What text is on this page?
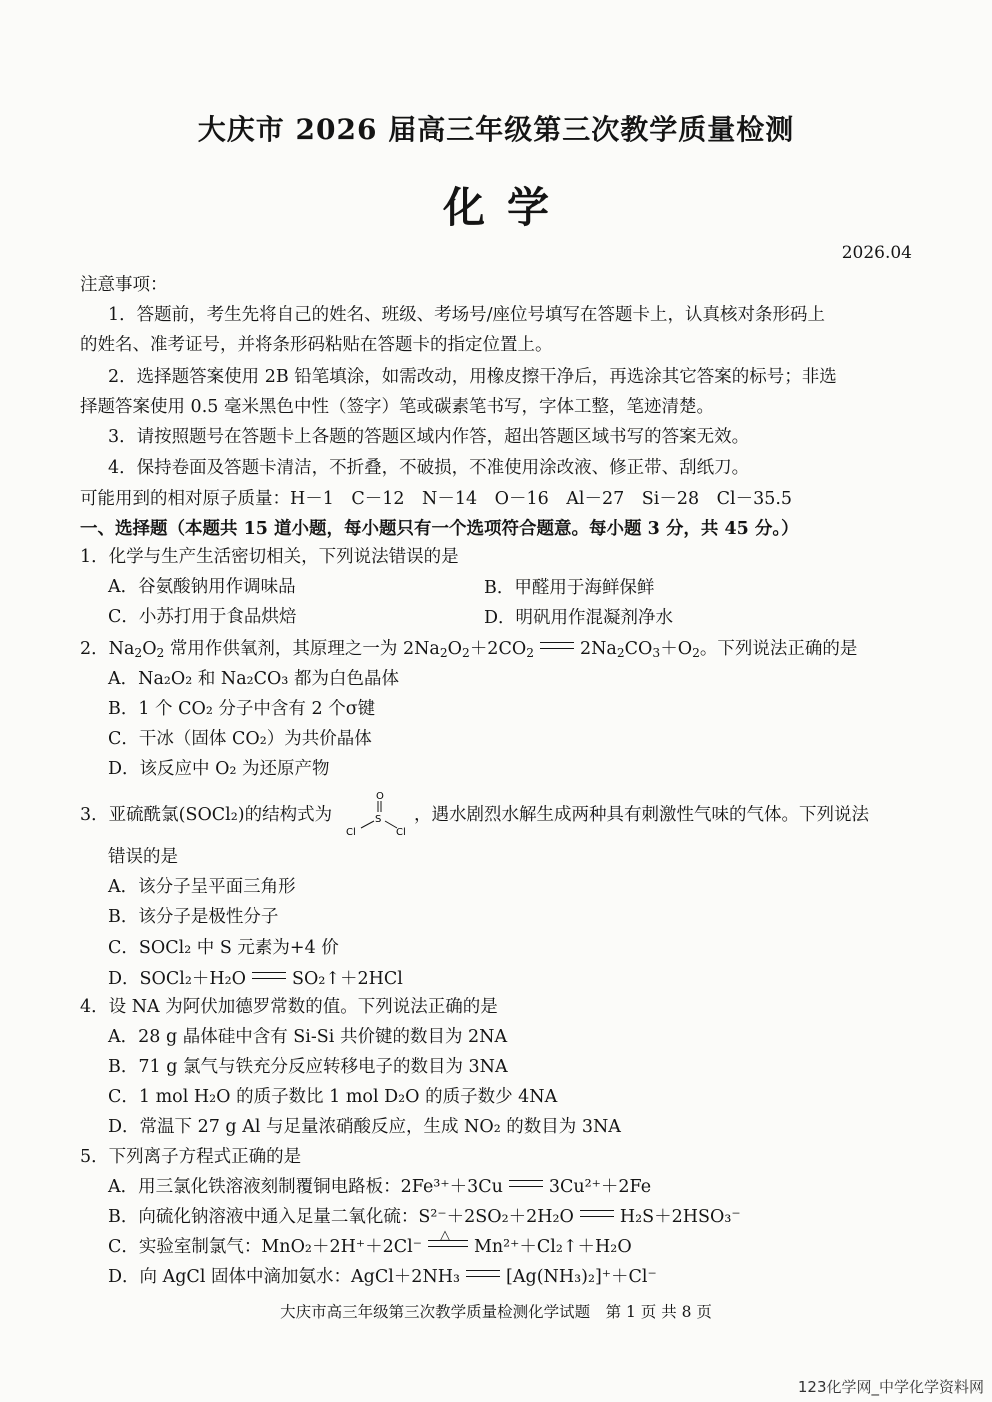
大庆市 2026 届高三年级第三次教学质量检测
化学
2026.04
注意事项：
1．答题前，考生先将自己的姓名、班级、考场号/座位号填写在答题卡上，认真核对条形码上
的姓名、准考证号，并将条形码粘贴在答题卡的指定位置上。
2．选择题答案使用 2B 铅笔填涂，如需改动，用橡皮擦干净后，再选涂其它答案的标号；非选
择题答案使用 0.5 毫米黑色中性（签字）笔或碳素笔书写，字体工整，笔迹清楚。
3．请按照题号在答题卡上各题的答题区域内作答，超出答题区域书写的答案无效。
4．保持卷面及答题卡清洁，不折叠，不破损，不准使用涂改液、修正带、刮纸刀。
可能用到的相对原子质量：H－1　C－12　N－14　O－16　Al－27　Si－28　Cl－35.5
一、选择题（本题共 15 道小题，每小题只有一个选项符合题意。每小题 3 分，共 45 分。）
1．化学与生产生活密切相关，下列说法错误的是
A．谷氨酸钠用作调味品	B．甲醛用于海鲜保鲜
C．小苏打用于食品烘焙	D．明矾用作混凝剂净水
2．$Na_2O_2$ 常用作供氧剂，其原理之一为 $2Na_2O_2+2CO_2$	$2Na_2CO_3+O_2$。下列说法正确的是
A．Na₂O₂ 和 Na₂CO₃ 都为白色晶体
B．1 个 CO₂ 分子中含有 2 个σ键
C．干冰（固体 CO₂）为共价晶体
D．该反应中 O₂ 为还原产物
3．亚硫酰氯(SOCl₂)的结构式为
O
S
Cl	Cl
，遇水剧烈水解生成两种具有刺激性气味的气体。下列说法
错误的是
A．该分子呈平面三角形
B．该分子是极性分子
C．SOCl₂ 中 S 元素为+4 价
D．SOCl₂＋H₂O	SO₂↑＋2HCl
4．设 NA 为阿伏加德罗常数的值。下列说法正确的是
A．28 g 晶体硅中含有 Si-Si 共价键的数目为 2NA
B．71 g 氯气与铁充分反应转移电子的数目为 3NA
C．1 mol H₂O 的质子数比 1 mol D₂O 的质子数少 4NA
D．常温下 27 g Al 与足量浓硝酸反应，生成 NO₂ 的数目为 3NA
5．下列离子方程式正确的是
A．用三氯化铁溶液刻制覆铜电路板：2Fe³⁺＋3Cu	3Cu²⁺＋2Fe
B．向硫化钠溶液中通入足量二氧化硫：S²⁻＋2SO₂＋2H₂O	H₂S＋2HSO₃⁻
C．实验室制氯气：MnO₂＋2H⁺＋2Cl⁻
△
Mn²⁺＋Cl₂↑＋H₂O
D．向 AgCl 固体中滴加氨水：AgCl＋2NH₃	[Ag(NH₃)₂]⁺＋Cl⁻
大庆市高三年级第三次教学质量检测化学试题　第 1 页 共 8 页
123化学网_中学化学资料网
